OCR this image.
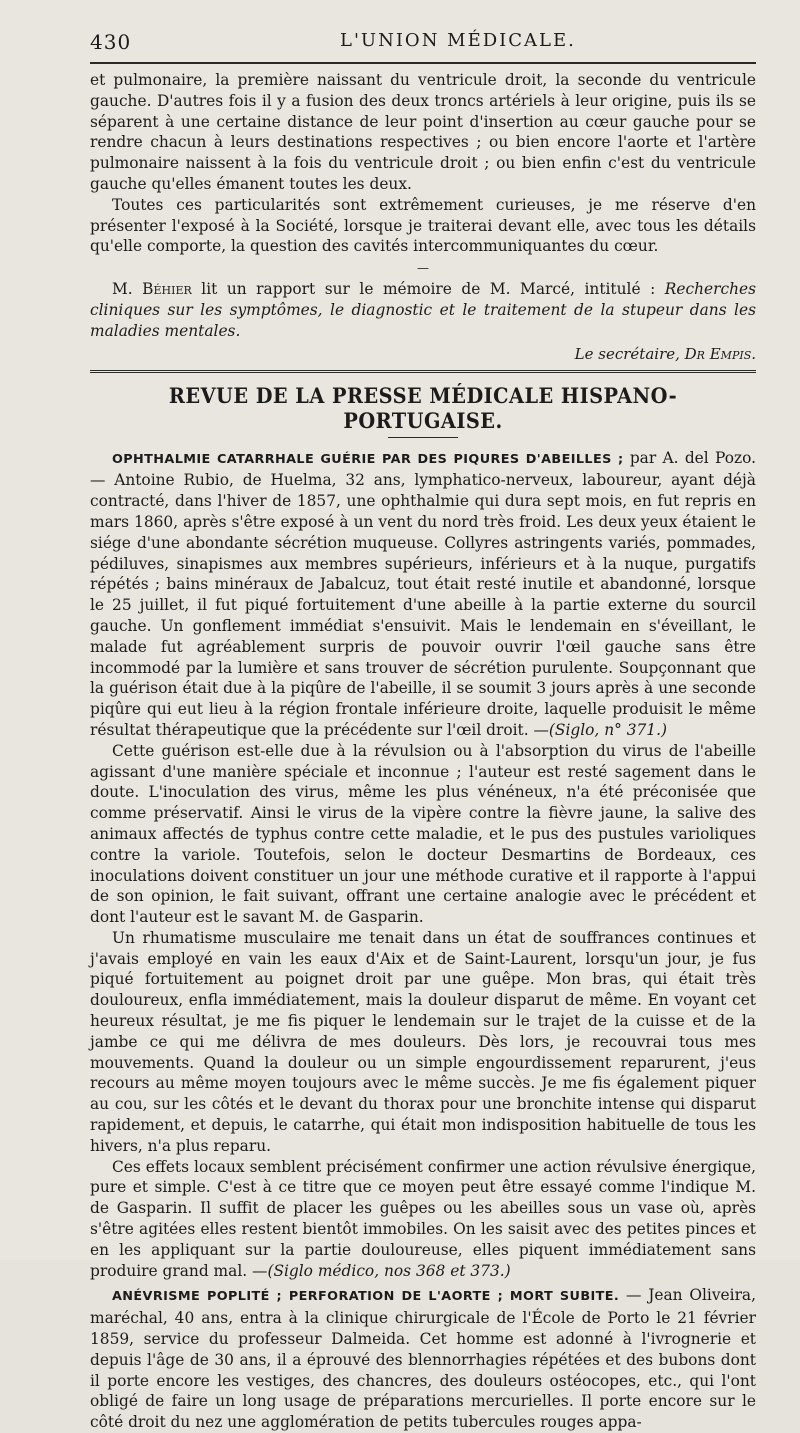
430	L'UNION MÉDICALE.

et pulmonaire, la première naissant du ventricule droit, la seconde du ventricule gauche. D'autres fois il y a fusion des deux troncs artériels à leur origine, puis ils se séparent à une certaine distance de leur point d'insertion au cœur gauche pour se rendre chacun à leurs destinations respectives ; ou bien encore l'aorte et l'artère pulmonaire naissent à la fois du ventricule droit ; ou bien enfin c'est du ventricule gauche qu'elles émanent toutes les deux.

Toutes ces particularités sont extrêmement curieuses, je me réserve d'en présenter l'exposé à la Société, lorsque je traiterai devant elle, avec tous les détails qu'elle comporte, la question des cavités intercommuniquantes du cœur.

—

M. Béhier lit un rapport sur le mémoire de M. Marcé, intitulé : Recherches cliniques sur les symptômes, le diagnostic et le traitement de la stupeur dans les maladies mentales.

Le secrétaire, Dr Empis.
REVUE DE LA PRESSE MÉDICALE HISPANO-PORTUGAISE.

OPHTHALMIE CATARRHALE GUÉRIE PAR DES PIQURES D'ABEILLES ; par A. del Pozo. — Antoine Rubio, de Huelma, 32 ans, lymphatico-nerveux, laboureur, ayant déjà contracté, dans l'hiver de 1857, une ophthalmie qui dura sept mois, en fut repris en mars 1860, après s'être exposé à un vent du nord très froid. Les deux yeux étaient le siége d'une abondante sécrétion muqueuse. Collyres astringents variés, pommades, pédiluves, sinapismes aux membres supérieurs, inférieurs et à la nuque, purgatifs répétés ; bains minéraux de Jabalcuz, tout était resté inutile et abandonné, lorsque le 25 juillet, il fut piqué fortuitement d'une abeille à la partie externe du sourcil gauche. Un gonflement immédiat s'ensuivit. Mais le lendemain en s'éveillant, le malade fut agréablement surpris de pouvoir ouvrir l'œil gauche sans être incommodé par la lumière et sans trouver de sécrétion purulente. Soupçonnant que la guérison était due à la piqûre de l'abeille, il se soumit 3 jours après à une seconde piqûre qui eut lieu à la région frontale inférieure droite, laquelle produisit le même résultat thérapeutique que la précédente sur l'œil droit. —(Siglo, n° 371.)

Cette guérison est-elle due à la révulsion ou à l'absorption du virus de l'abeille agissant d'une manière spéciale et inconnue ; l'auteur est resté sagement dans le doute. L'inoculation des virus, même les plus vénéneux, n'a été préconisée que comme préservatif. Ainsi le virus de la vipère contre la fièvre jaune, la salive des animaux affectés de typhus contre cette maladie, et le pus des pustules varioliques contre la variole. Toutefois, selon le docteur Desmartins de Bordeaux, ces inoculations doivent constituer un jour une méthode curative et il rapporte à l'appui de son opinion, le fait suivant, offrant une certaine analogie avec le précédent et dont l'auteur est le savant M. de Gasparin.

Un rhumatisme musculaire me tenait dans un état de souffrances continues et j'avais employé en vain les eaux d'Aix et de Saint-Laurent, lorsqu'un jour, je fus piqué fortuitement au poignet droit par une guêpe. Mon bras, qui était très douloureux, enfla immédiatement, mais la douleur disparut de même. En voyant cet heureux résultat, je me fis piquer le lendemain sur le trajet de la cuisse et de la jambe ce qui me délivra de mes douleurs. Dès lors, je recouvrai tous mes mouvements. Quand la douleur ou un simple engourdissement reparurent, j'eus recours au même moyen toujours avec le même succès. Je me fis également piquer au cou, sur les côtés et le devant du thorax pour une bronchite intense qui disparut rapidement, et depuis, le catarrhe, qui était mon indisposition habituelle de tous les hivers, n'a plus reparu.

Ces effets locaux semblent précisément confirmer une action révulsive énergique, pure et simple. C'est à ce titre que ce moyen peut être essayé comme l'indique M. de Gasparin. Il suffit de placer les guêpes ou les abeilles sous un vase où, après s'être agitées elles restent bientôt immobiles. On les saisit avec des petites pinces et en les appliquant sur la partie douloureuse, elles piquent immédiatement sans produire grand mal. —(Siglo médico, nos 368 et 373.)

ANÉVRISME POPLITÉ ; PERFORATION DE L'AORTE ; MORT SUBITE. — Jean Oliveira, maréchal, 40 ans, entra à la clinique chirurgicale de l'École de Porto le 21 février 1859, service du professeur Dalmeida. Cet homme est adonné à l'ivrognerie et depuis l'âge de 30 ans, il a éprouvé des blennorrhagies répétées et des bubons dont il porte encore les vestiges, des chancres, des douleurs ostéocopes, etc., qui l'ont obligé de faire un long usage de préparations mercurielles. Il porte encore sur le côté droit du nez une agglomération de petits tubercules rouges appa-
